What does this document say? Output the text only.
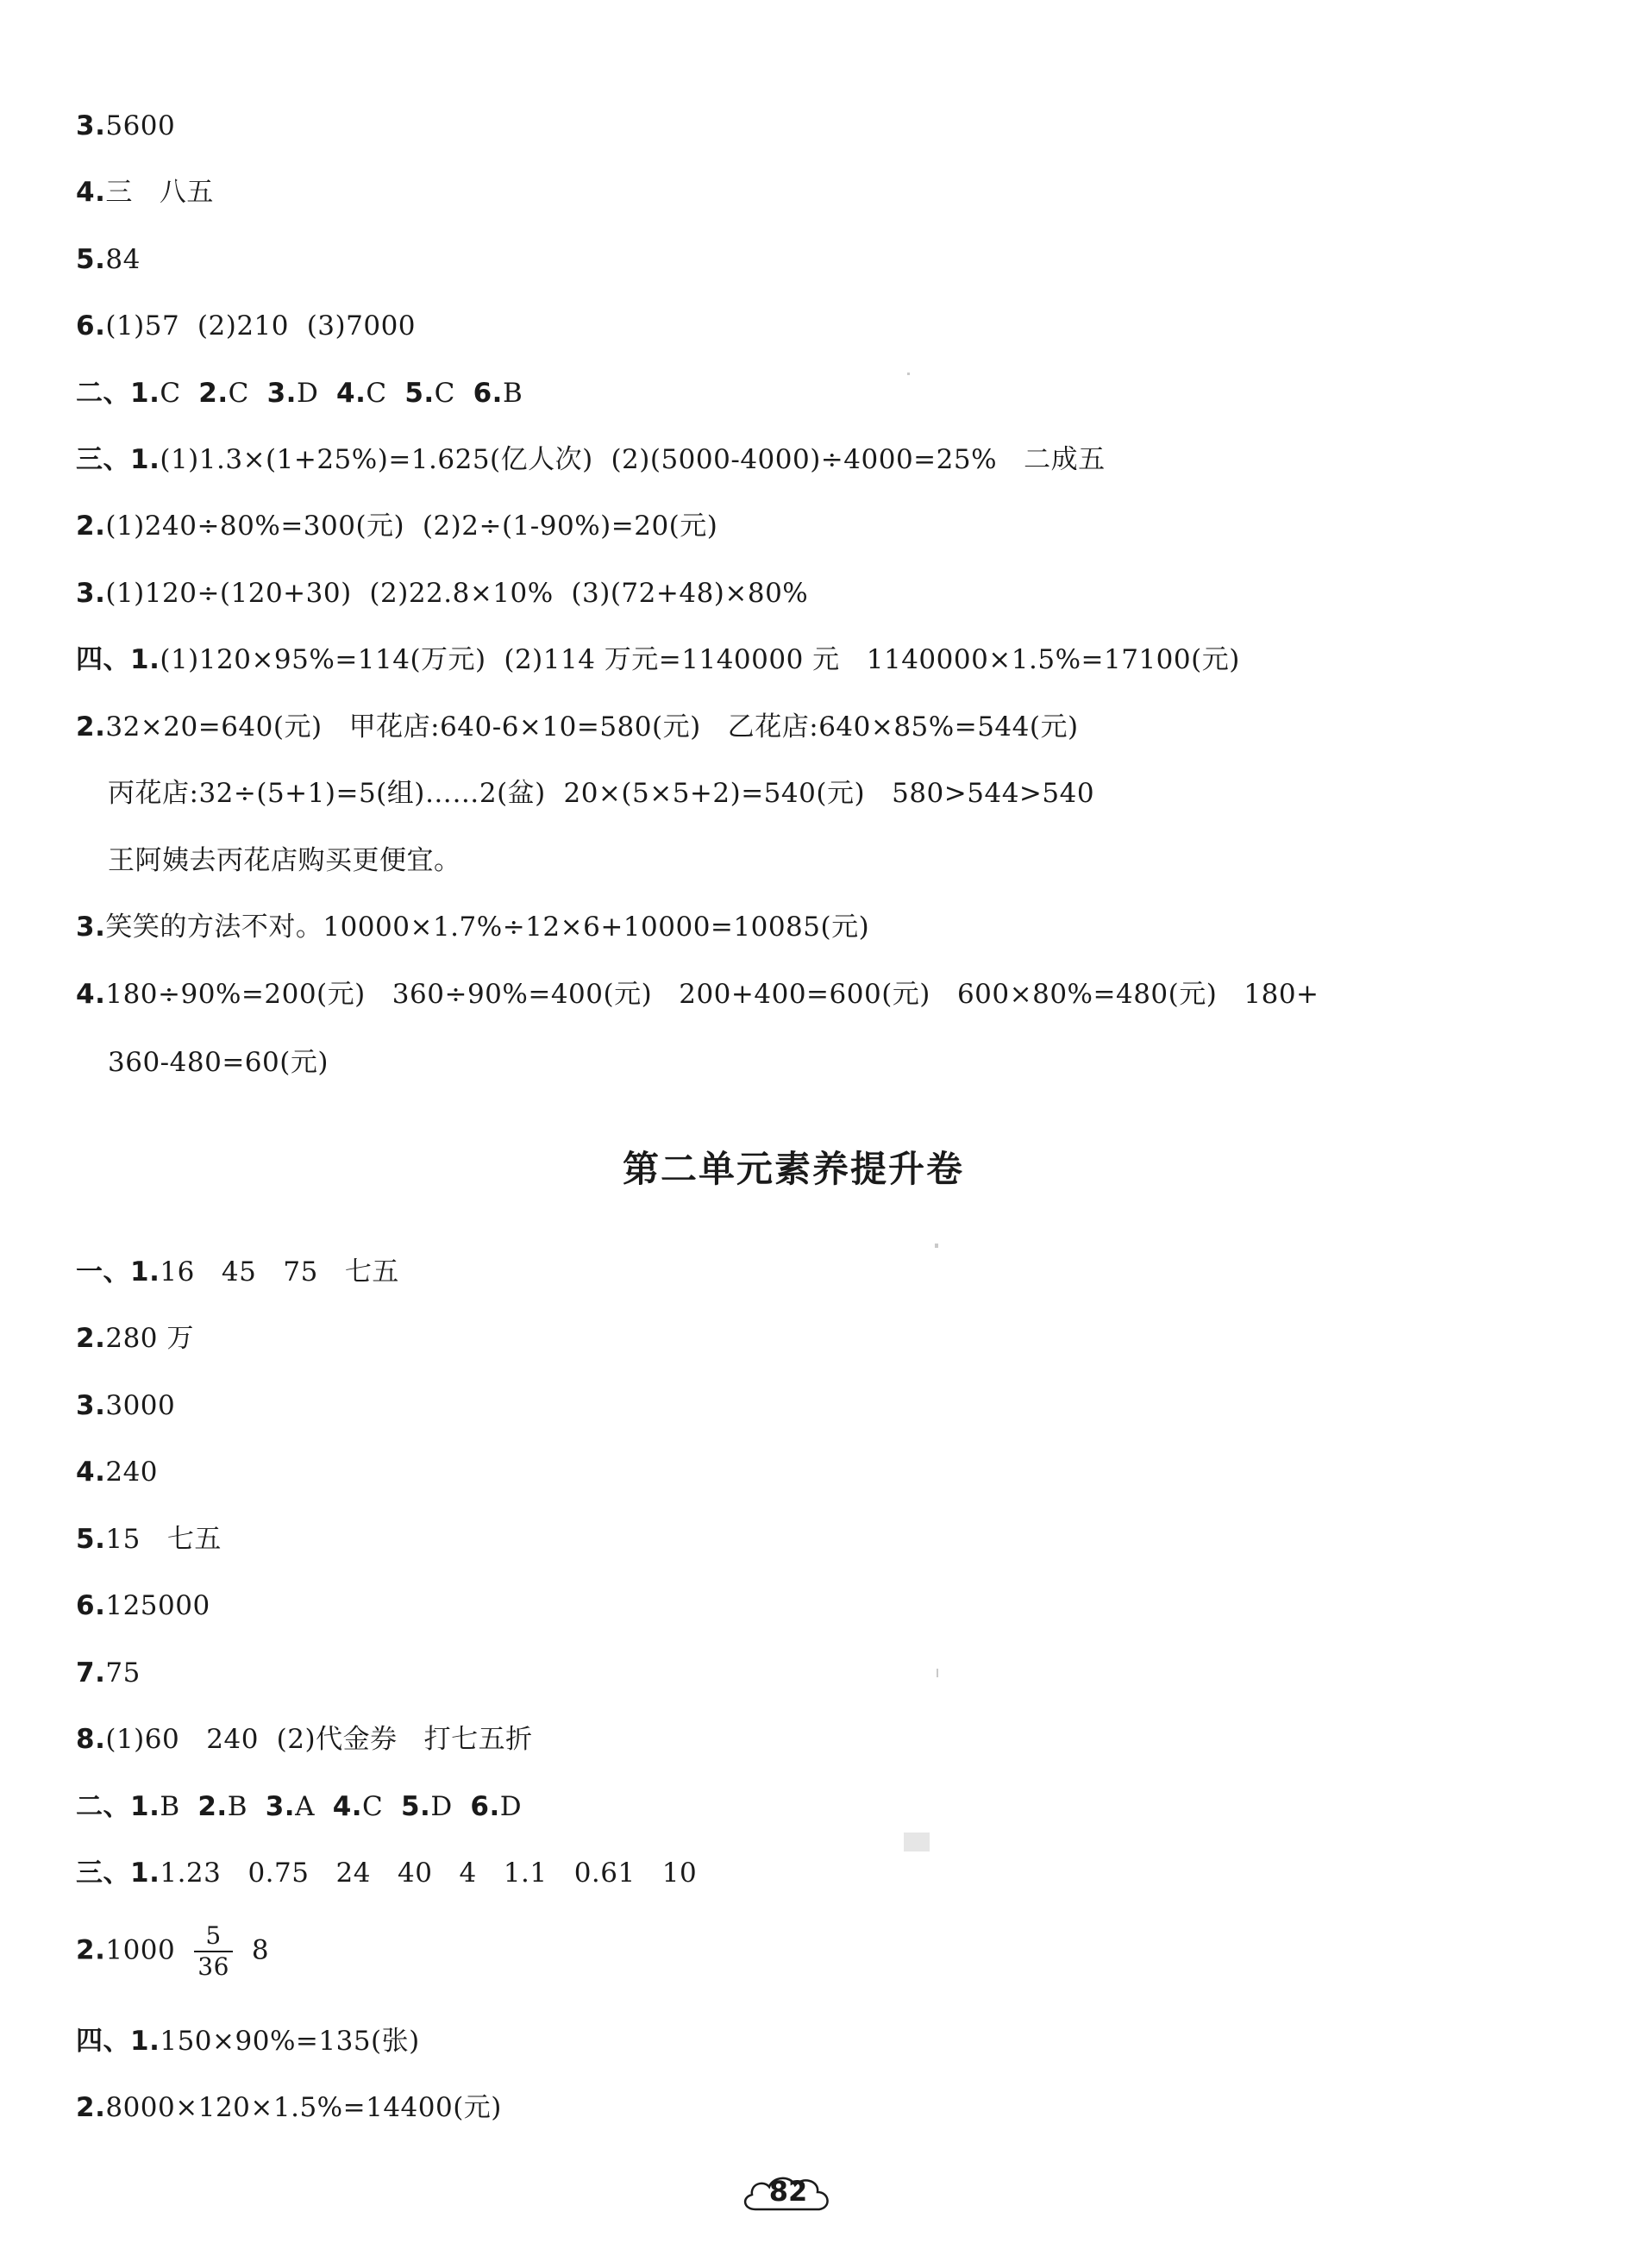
3.5600
4.三   八五
5.84
6.(1)57  (2)210  (3)7000
二、1.C  2.C  3.D  4.C  5.C  6.B
三、1.(1)1.3×(1+25%)=1.625(亿人次)  (2)(5000-4000)÷4000=25%   二成五
2.(1)240÷80%=300(元)  (2)2÷(1-90%)=20(元)
3.(1)120÷(120+30)  (2)22.8×10%  (3)(72+48)×80%
四、1.(1)120×95%=114(万元)  (2)114 万元=1140000 元   1140000×1.5%=17100(元)
2.32×20=640(元)   甲花店:640-6×10=580(元)   乙花店:640×85%=544(元)
丙花店:32÷(5+1)=5(组)……2(盆)  20×(5×5+2)=540(元)   580>544>540
王阿姨去丙花店购买更便宜。
3.笑笑的方法不对。10000×1.7%÷12×6+10000=10085(元)
4.180÷90%=200(元)   360÷90%=400(元)   200+400=600(元)   600×80%=480(元)   180+
360-480=60(元)
第二单元素养提升卷
一、1.16   45   75   七五
2.280 万
3.3000
4.240
5.15   七五
6.125000
7.75
8.(1)60   240  (2)代金券   打七五折
二、1.B  2.B  3.A  4.C  5.D  6.D
三、1.1.23   0.75   24   40   4   1.1   0.61   10
$2.1000 \frac{5}{36} 8$
四、1.150×90%=135(张)
2.8000×120×1.5%=14400(元)
82
